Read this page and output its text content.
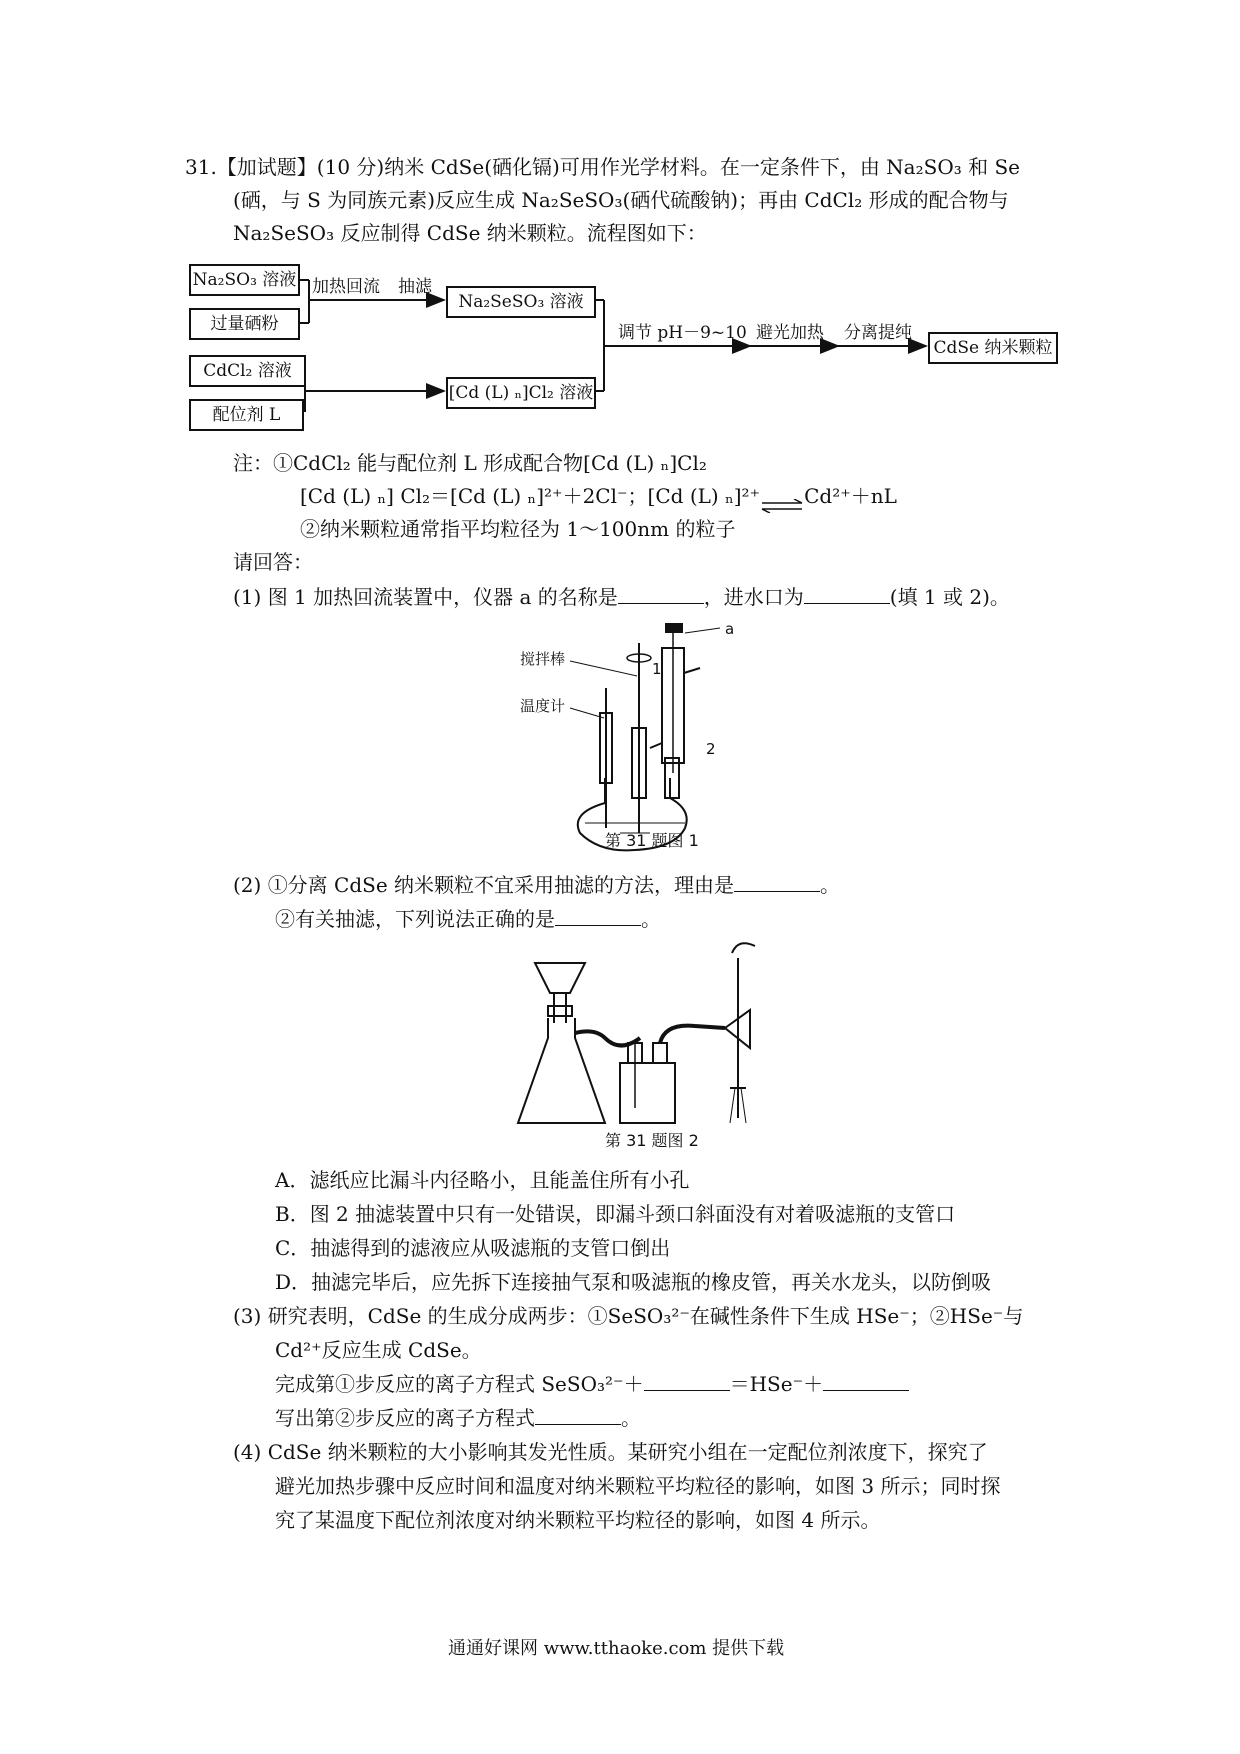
31.【加试题】(10 分)纳米 CdSe(硒化镉)可用作光学材料。在一定条件下，由 Na₂SO₃ 和 Se
(硒，与 S 为同族元素)反应生成 Na₂SeSO₃(硒代硫酸钠)；再由 CdCl₂ 形成的配合物与
Na₂SeSO₃ 反应制得 CdSe 纳米颗粒。流程图如下：
Na₂SO₃ 溶液
过量硒粉
CdCl₂ 溶液
配位剂 L
Na₂SeSO₃ 溶液
[Cd (L) ₙ]Cl₂ 溶液
CdSe 纳米颗粒
加热回流 抽滤
调节 pH－9~10 避光加热 分离提纯
注：①CdCl₂ 能与配位剂 L 形成配合物[Cd (L) ₙ]Cl₂
[Cd (L) ₙ] Cl₂＝[Cd (L) ₙ]²⁺＋2Cl⁻；[Cd (L) ₙ]²⁺⇌Cd²⁺＋nL
②纳米颗粒通常指平均粒径为 1～100nm 的粒子
请回答：
(1) 图 1 加热回流装置中，仪器 a 的名称是	，进水口为	(填 1 或 2)。
搅拌棒
温度计
a
1
2
第 31 题图 1
(2) ①分离 CdSe 纳米颗粒不宜采用抽滤的方法，理由是	。
②有关抽滤，下列说法正确的是	。
第 31 题图 2
A．滤纸应比漏斗内径略小，且能盖住所有小孔
B．图 2 抽滤装置中只有一处错误，即漏斗颈口斜面没有对着吸滤瓶的支管口
C．抽滤得到的滤液应从吸滤瓶的支管口倒出
D．抽滤完毕后，应先拆下连接抽气泵和吸滤瓶的橡皮管，再关水龙头，以防倒吸
(3) 研究表明，CdSe 的生成分成两步：①SeSO₃²⁻在碱性条件下生成 HSe⁻；②HSe⁻与
Cd²⁺反应生成 CdSe。
完成第①步反应的离子方程式 SeSO₃²⁻＋	＝HSe⁻＋
写出第②步反应的离子方程式	。
(4) CdSe 纳米颗粒的大小影响其发光性质。某研究小组在一定配位剂浓度下，探究了
避光加热步骤中反应时间和温度对纳米颗粒平均粒径的影响，如图 3 所示；同时探
究了某温度下配位剂浓度对纳米颗粒平均粒径的影响，如图 4 所示。
通通好课网 www.tthaoke.com 提供下载
